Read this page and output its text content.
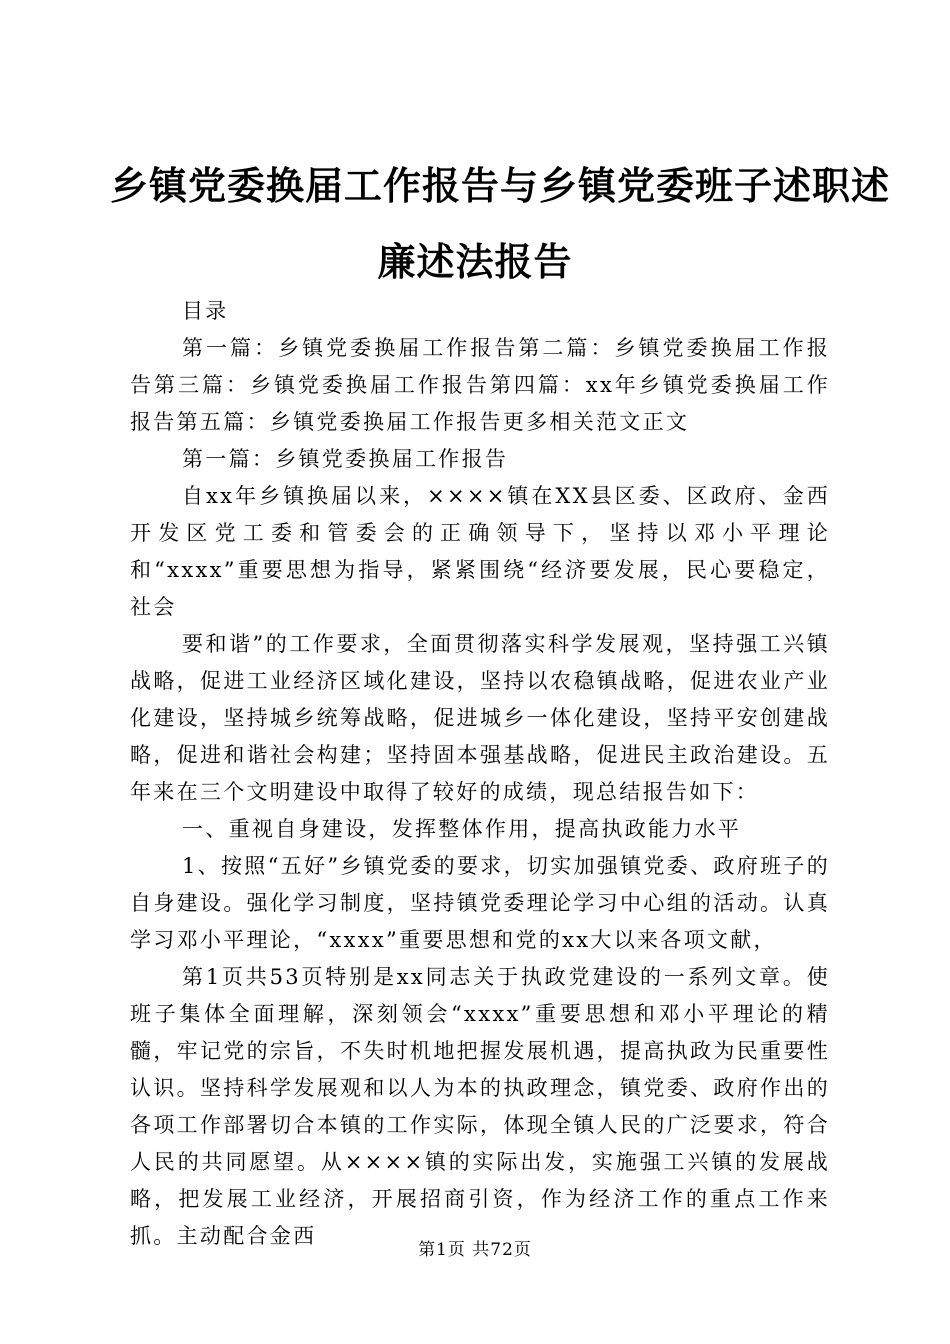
乡镇党委换届工作报告与乡镇党委班子述职述
廉述法报告

目录

第一篇：乡镇党委换届工作报告第二篇：乡镇党委换届工作报告第三篇：乡镇党委换届工作报告第四篇：xx年乡镇党委换届工作报告第五篇：乡镇党委换届工作报告更多相关范文正文

第一篇：乡镇党委换届工作报告

自xx年乡镇换届以来，××××镇在XX县区委、区政府、金西开发区党工委和管委会的正确领导下，坚持以邓小平理论和“xxxx”重要思想为指导，紧紧围绕“经济要发展，民心要稳定，社会

要和谐”的工作要求，全面贯彻落实科学发展观，坚持强工兴镇战略，促进工业经济区域化建设，坚持以农稳镇战略，促进农业产业化建设，坚持城乡统筹战略，促进城乡一体化建设，坚持平安创建战略，促进和谐社会构建；坚持固本强基战略，促进民主政治建设。五年来在三个文明建设中取得了较好的成绩，现总结报告如下：

一、重视自身建设，发挥整体作用，提高执政能力水平

1、按照“五好”乡镇党委的要求，切实加强镇党委、政府班子的自身建设。强化学习制度，坚持镇党委理论学习中心组的活动。认真学习邓小平理论，“xxxx”重要思想和党的xx大以来各项文献，

第1页共53页特别是xx同志关于执政党建设的一系列文章。使班子集体全面理解，深刻领会“xxxx”重要思想和邓小平理论的精髓，牢记党的宗旨，不失时机地把握发展机遇，提高执政为民重要性认识。坚持科学发展观和以人为本的执政理念，镇党委、政府作出的各项工作部署切合本镇的工作实际，体现全镇人民的广泛要求，符合人民的共同愿望。从××××镇的实际出发，实施强工兴镇的发展战略，把发展工业经济，开展招商引资，作为经济工作的重点工作来抓。主动配合金西

第1页 共72页
